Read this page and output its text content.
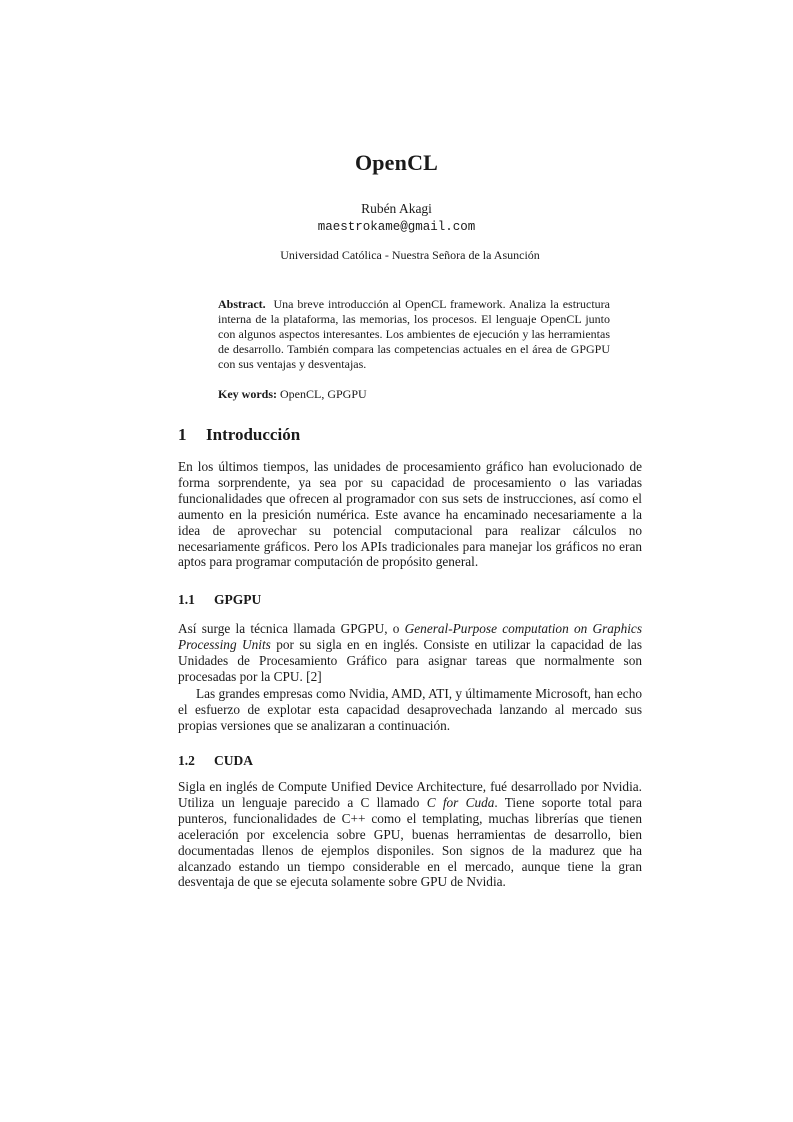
OpenCL
Rubén Akagi
maestrokame@gmail.com
Universidad Católica - Nuestra Señora de la Asunción
Abstract. Una breve introducción al OpenCL framework. Analiza la estructura interna de la plataforma, las memorias, los procesos. El lenguaje OpenCL junto con algunos aspectos interesantes. Los ambientes de ejecución y las herramientas de desarrollo. También compara las competencias actuales en el área de GPGPU con sus ventajas y desventajas.
Key words: OpenCL, GPGPU
1 Introducción

En los últimos tiempos, las unidades de procesamiento gráfico han evolucionado de forma sorprendente, ya sea por su capacidad de procesamiento o las variadas funcionalidades que ofrecen al programador con sus sets de instrucciones, así como el aumento en la presición numérica. Este avance ha encaminado necesariamente a la idea de aprovechar su potencial computacional para realizar cálculos no necesariamente gráficos. Pero los APIs tradicionales para manejar los gráficos no eran aptos para programar computación de propósito general.

1.1 GPGPU

Así surge la técnica llamada GPGPU, o General-Purpose computation on Graphics Processing Units por su sigla en en inglés. Consiste en utilizar la capacidad de las Unidades de Procesamiento Gráfico para asignar tareas que normalmente son procesadas por la CPU. [2]

Las grandes empresas como Nvidia, AMD, ATI, y últimamente Microsoft, han echo el esfuerzo de explotar esta capacidad desaprovechada lanzando al mercado sus propias versiones que se analizaran a continuación.

1.2 CUDA

Sigla en inglés de Compute Unified Device Architecture, fué desarrollado por Nvidia. Utiliza un lenguaje parecido a C llamado C for Cuda. Tiene soporte total para punteros, funcionalidades de C++ como el templating, muchas librerías que tienen aceleración por excelencia sobre GPU, buenas herramientas de desarrollo, bien documentadas llenos de ejemplos disponiles. Son signos de la madurez que ha alcanzado estando un tiempo considerable en el mercado, aunque tiene la gran desventaja de que se ejecuta solamente sobre GPU de Nvidia.
